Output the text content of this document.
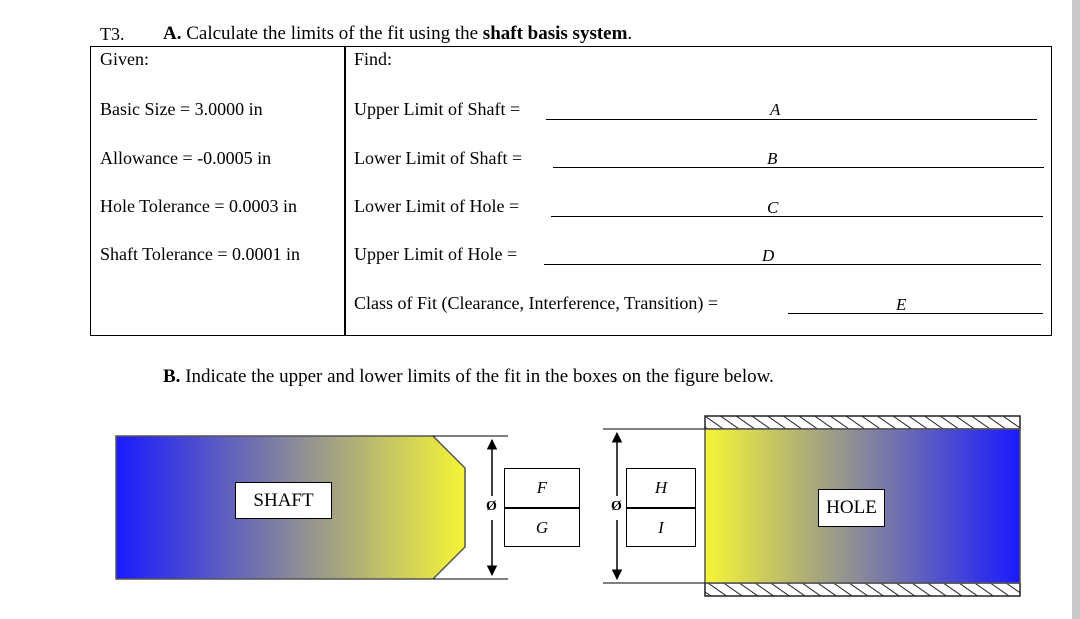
T3. A. Calculate the limits of the fit using the shaft basis system.
Given:	Find:
Basic Size = 3.0000 in
Allowance = -0.0005 in
Hole Tolerance = 0.0003 in
Shaft Tolerance = 0.0001 in
Upper Limit of Shaft =	A
Lower Limit of Shaft =	B
Lower Limit of Hole =	C
Upper Limit of Hole =	D
Class of Fit (Clearance, Interference, Transition) =	E
B. Indicate the upper and lower limits of the fit in the boxes on the figure below.
Ø	Ø
SHAFT	HOLE
F
G
H
I
